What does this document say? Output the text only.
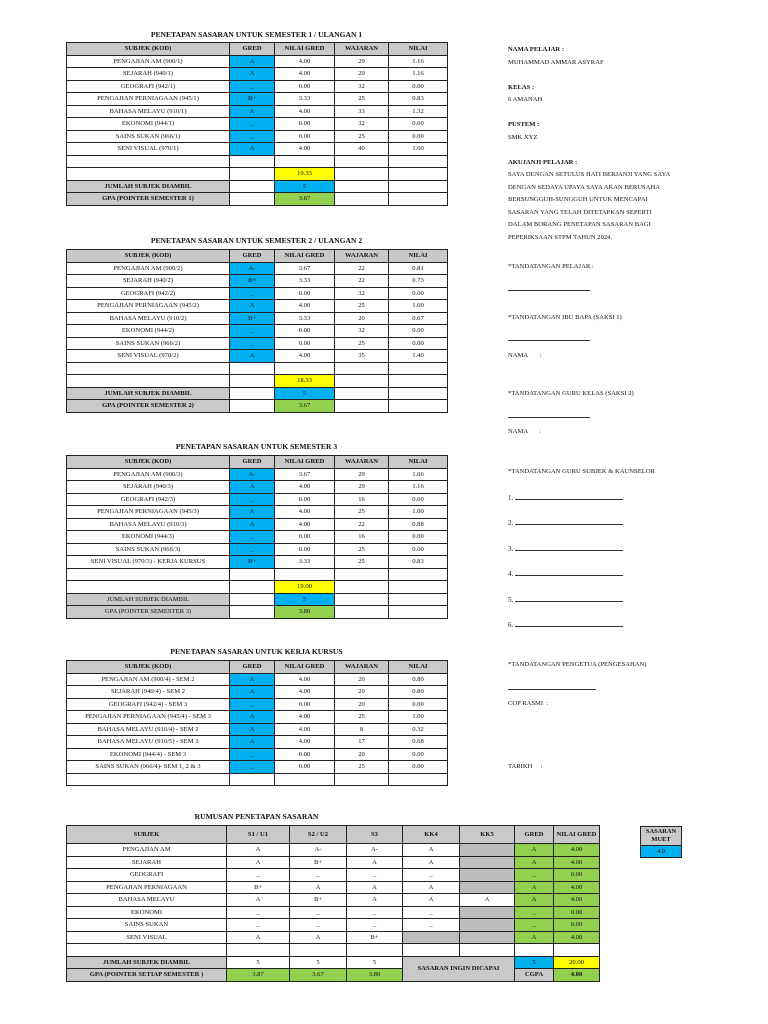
PENETAPAN SASARAN UNTUK SEMESTER 1 / ULANGAN 1
SUBJEK (KOD)	GRED	NILAI GRED	WAJARAN	NILAI
PENGAJIAN AM (900/1)	A	4.00	29	1.16
SEJARAH (940/1)	A	4.00	29	1.16
GEOGRAFI (942/1)	_	0.00	32	0.00
PENGAJIAN PERNIAGAAN (945/1)	B+	3.33	25	0.83
BAHASA MELAYU (910/1)	A	4.00	33	1.32
EKONOMI (944/1)	_	0.00	32	0.00
SAINS SUKAN (966/1)	_	0.00	25	0.00
SENI VISUAL (970/1)	A	4.00	40	1.60

		19.33		
JUMLAH SUBJEK DIAMBIL		5		
GPA (POINTER SEMESTER 1)		3.87		
PENETAPAN SASARAN UNTUK SEMESTER 2 / ULANGAN 2
SUBJEK (KOD)	GRED	NILAI GRED	WAJARAN	NILAI
PENGAJIAN AM (900/2)	A-	3.67	22	0.81
SEJARAH (940/2)	B+	3.33	22	0.73
GEOGRAFI (942/2)	_	0.00	32	0.00
PENGAJIAN PERNIAGAAN (945/2)	A	4.00	25	1.00
BAHASA MELAYU (910/2)	B+	3.33	20	0.67
EKONOMI (944/2)	_	0.00	32	0.00
SAINS SUKAN (966/2)	_	0.00	25	0.00
SENI VISUAL (970/2)	A	4.00	35	1.40

		18.33		
JUMLAH SUBJEK DIAMBIL		5		
GPA (POINTER SEMESTER 2)		3.67		
PENETAPAN SASARAN UNTUK SEMESTER 3
SUBJEK (KOD)	GRED	NILAI GRED	WAJARAN	NILAI
PENGAJIAN AM (900/3)	A-	3.67	29	1.06
SEJARAH (940/3)	A	4.00	29	1.16
GEOGRAFI (942/3)	_	0.00	16	0.00
PENGAJIAN PERNIAGAAN (945/3)	A	4.00	25	1.00
BAHASA MELAYU (910/3)	A	4.00	22	0.88
EKONOMI (944/3)	_	0.00	16	0.00
SAINS SUKAN (966/3)	_	0.00	25	0.00
SENI VISUAL (970/3) - KERJA KURSUS	B+	3.33	25	0.83

		19.00		
JUMLAH SUBJEK DIAMBIL		5		
GPA (POINTER SEMESTER 3)		3.80		
PENETAPAN SASARAN UNTUK KERJA KURSUS
SUBJEK (KOD)	GRED	NILAI GRED	WAJARAN	NILAI
PENGAJIAN AM (900/4) - SEM 2	A	4.00	20	0.80
SEJARAH (940/4) - SEM 2	A	4.00	20	0.80
GEOGRAFI (942/4) - SEM 3	_	0.00	20	0.00
PENGAJIAN PERNIAGAAN (945/4) - SEM 3	A	4.00	25	1.00
BAHASA MELAYU (910/4) - SEM 2	A	4.00	8	0.32
BAHASA MELAYU (910/5) - SEM 3	A	4.00	17	0.68
EKONOMI (944/4) - SEM 3	_	0.00	20	0.00
SAINS SUKAN (966/4)- SEM 1, 2 & 3	_	0.00	25	0.00

RUMUSAN PENETAPAN SASARAN
SUBJEK	S1 / U1	S2 / U2	S3	KK4	KK5	GRED	NILAI GRED
PENGAJIAN AM	A	A-	A-	A		A	4.00
SEJARAH	A	B+	A	A		A	4.00
GEOGRAFI	_	_	_	_		_	0.00
PENGAJIAN PERNIAGAAN	B+	A	A	A		A	4.00
BAHASA MELAYU	A	B+	A	A	A	A	4.00
EKONOMI	_	_	_	_		_	0.00
SAINS SUKAN	_	_	_	_		_	0.00
SENI VISUAL	A	A	B+			A	4.00

JUMLAH SUBJEK DIAMBIL	5	5	5	SASARAN INGIN DICAPAI		5	20.00
GPA (POINTER SETIAP SEMESTER )	3.87	3.67	3.80			CGPA	4.00
SASARAN
MUET
4.0
NAMA PELAJAR :
MUHAMMAD AMMAR ASYRAF

KELAS :
6 AMANAH

PUSTEM :
SMK XYZ

AKUJANJI PELAJAR :
SAYA DENGAN SETULUS HATI BERJANJI YANG SAYA
DENGAN SEDAYA UPAYA SAYA AKAN BERUSAHA
BERSUNGGUH-SUNGGUH UNTUK MENCAPAI
SASARAN YANG TELAH DITETAPKAN SEPERTI
DALAM BORANG PENETAPAN SASARAN BAGI
PEPERIKSAAN STPM TAHUN 2024.
*TANDATANGAN PELAJAR :
*TANDATANGAN IBU BAPA (SAKSI 1)
NAMA       :
*TANDATANGAN GURU KELAS (SAKSI 2)
NAMA       :
*TANDATANGAN GURU SUBJEK & KAUNSELOR
1.
2.
3.
4.
5.
6.
*TANDATANGAN PENGETUA (PENGESAHAN)
COP RASMI  :
TARIKH     :
